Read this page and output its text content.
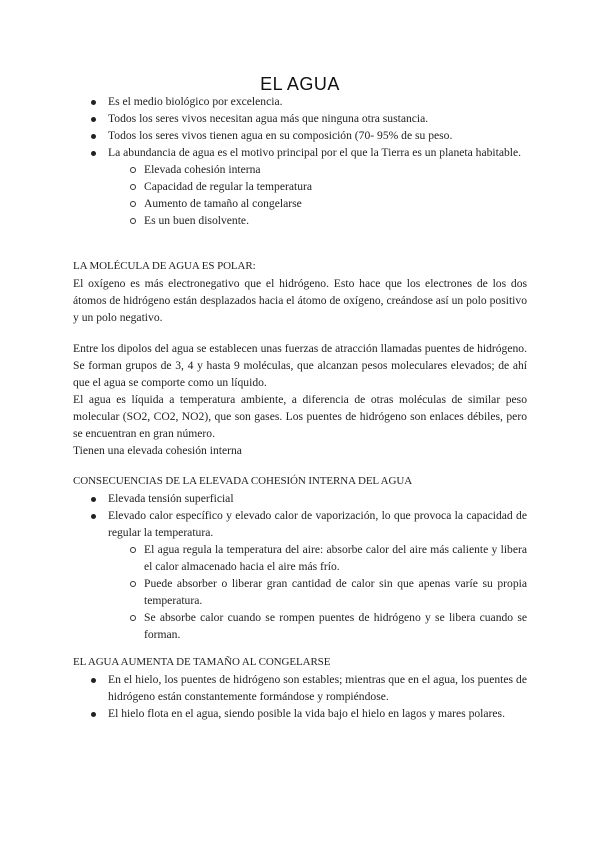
EL AGUA
Es el medio biológico por excelencia.
Todos los seres vivos necesitan agua más que ninguna otra sustancia.
Todos los seres vivos tienen agua en su composición (70- 95% de su peso.
La abundancia de agua es el motivo principal por el que la Tierra es un planeta habitable.
Elevada cohesión interna
Capacidad de regular la temperatura
Aumento de tamaño al congelarse
Es un buen disolvente.

LA MOLÉCULA DE AGUA ES POLAR:

El oxígeno es más electronegativo que el hidrógeno. Esto hace que los electrones de los dos átomos de hidrógeno están desplazados hacia el átomo de oxígeno, creándose así un polo positivo y un polo negativo.

Entre los dipolos del agua se establecen unas fuerzas de atracción llamadas puentes de hidrógeno. Se forman grupos de 3, 4 y hasta 9 moléculas, que alcanzan pesos moleculares elevados; de ahí que el agua se comporte como un líquido.

El agua es líquida a temperatura ambiente, a diferencia de otras moléculas de similar peso molecular (SO2, CO2, NO2), que son gases. Los puentes de hidrógeno son enlaces débiles, pero se encuentran en gran número.

Tienen una elevada cohesión interna

CONSECUENCIAS DE LA ELEVADA COHESIÓN INTERNA DEL AGUA

Elevada tensión superficial
Elevado calor específico y elevado calor de vaporización, lo que provoca la capacidad de regular la temperatura.
El agua regula la temperatura del aire: absorbe calor del aire más caliente y libera el calor almacenado hacia el aire más frío.
Puede absorber o liberar gran cantidad de calor sin que apenas varíe su propia temperatura.
Se absorbe calor cuando se rompen puentes de hidrógeno y se libera cuando se forman.

EL AGUA AUMENTA DE TAMAÑO AL CONGELARSE

En el hielo, los puentes de hidrógeno son estables; mientras que en el agua, los puentes de hidrógeno están constantemente formándose y rompiéndose.
El hielo flota en el agua, siendo posible la vida bajo el hielo en lagos y mares polares.
